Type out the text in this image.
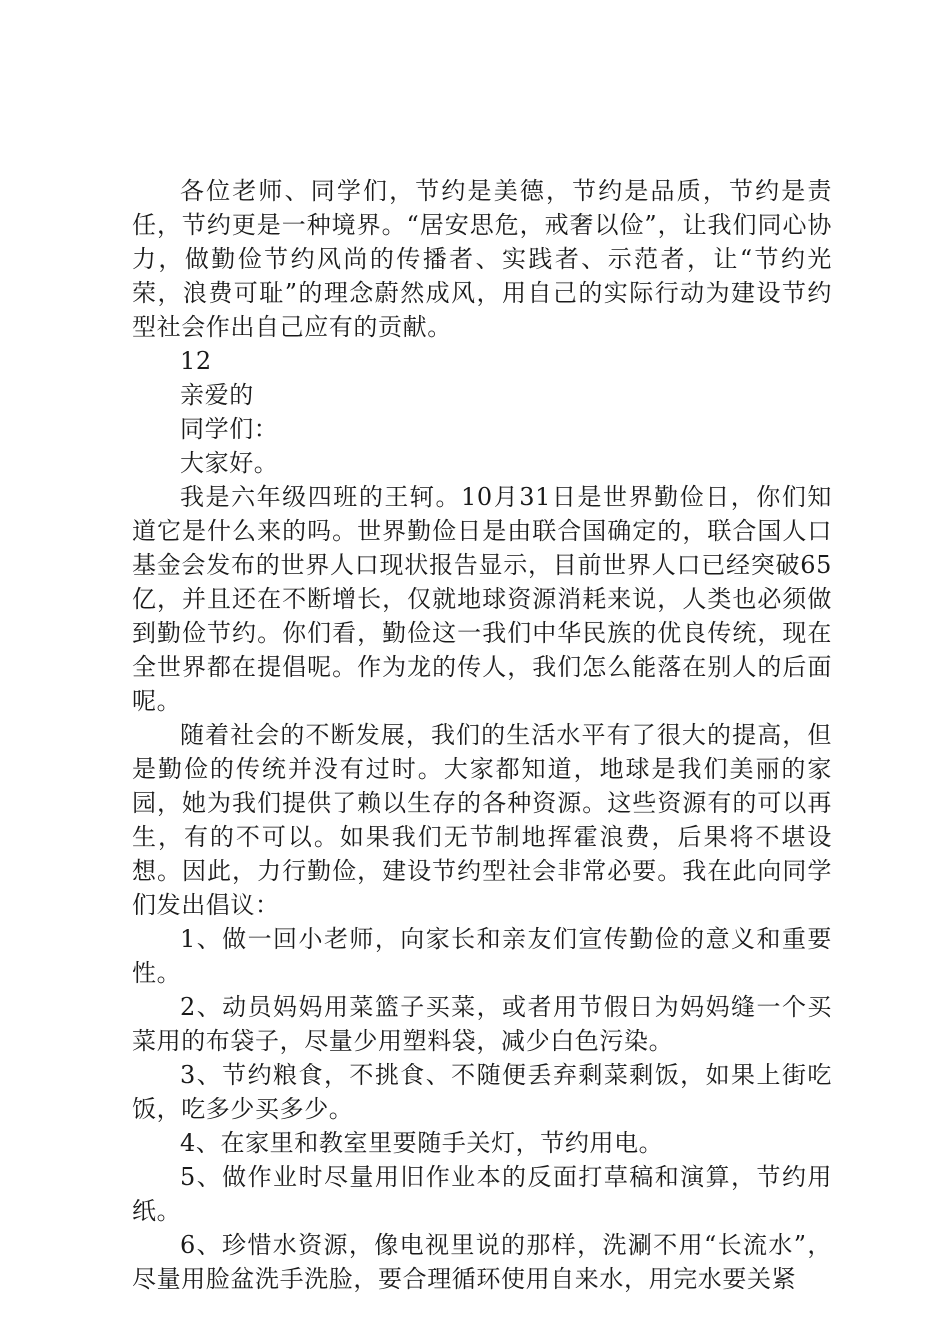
各位老师、同学们，节约是美德，节约是品质，节约是责任，节约更是一种境界。“居安思危，戒奢以俭”，让我们同心协力，做勤俭节约风尚的传播者、实践者、示范者，让“节约光荣，浪费可耻”的理念蔚然成风，用自己的实际行动为建设节约型社会作出自己应有的贡献。

12

亲爱的

同学们：

大家好。

我是六年级四班的王轲。10月31日是世界勤俭日，你们知道它是什么来的吗。世界勤俭日是由联合国确定的，联合国人口基金会发布的世界人口现状报告显示，目前世界人口已经突破65亿，并且还在不断增长，仅就地球资源消耗来说，人类也必须做到勤俭节约。你们看，勤俭这一我们中华民族的优良传统，现在全世界都在提倡呢。作为龙的传人，我们怎么能落在别人的后面呢。

随着社会的不断发展，我们的生活水平有了很大的提高，但是勤俭的传统并没有过时。大家都知道，地球是我们美丽的家园，她为我们提供了赖以生存的各种资源。这些资源有的可以再生，有的不可以。如果我们无节制地挥霍浪费，后果将不堪设想。因此，力行勤俭，建设节约型社会非常必要。我在此向同学们发出倡议：

1、做一回小老师，向家长和亲友们宣传勤俭的意义和重要性。

2、动员妈妈用菜篮子买菜，或者用节假日为妈妈缝一个买菜用的布袋子，尽量少用塑料袋，减少白色污染。

3、节约粮食，不挑食、不随便丢弃剩菜剩饭，如果上街吃饭，吃多少买多少。

4、在家里和教室里要随手关灯，节约用电。

5、做作业时尽量用旧作业本的反面打草稿和演算，节约用纸。

6、珍惜水资源，像电视里说的那样，洗涮不用“长流水”，尽量用脸盆洗手洗脸，要合理循环使用自来水，用完水要关紧
